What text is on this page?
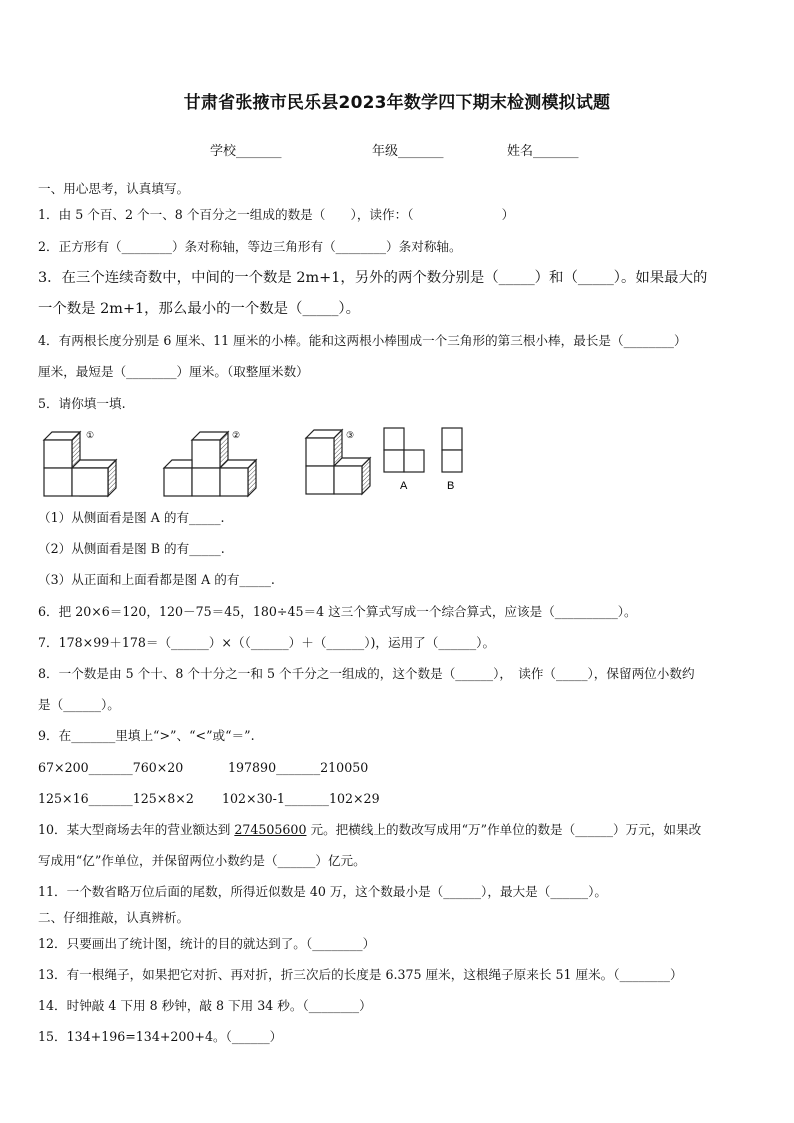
甘肃省张掖市民乐县2023年数学四下期末检测模拟试题
学校_______	年级_______	姓名_______
一、用心思考，认真填写。
1．由 5 个百、2 个一、8 个百分之一组成的数是（　　），读作：（　　　　　　　）
2．正方形有（________）条对称轴，等边三角形有（________）条对称轴。
3．在三个连续奇数中，中间的一个数是 2m+1，另外的两个数分别是（_____）和（_____）。如果最大的
一个数是 2m+1，那么最小的一个数是（_____）。
4．有两根长度分别是 6 厘米、11 厘米的小棒。能和这两根小棒围成一个三角形的第三根小棒，最长是（________）
厘米，最短是（________）厘米。（取整厘米数）
5．请你填一填.
①	②	③
A	B
（1）从侧面看是图 A 的有_____.
（2）从侧面看是图 B 的有_____.
（3）从正面和上面看都是图 A 的有_____.
6．把 20×6＝120，120－75＝45，180÷45＝4 这三个算式写成一个综合算式，应该是（__________）。
7．178×99＋178＝（______）×（（______）＋（______）)，运用了（______）。
8．一个数是由 5 个十、8 个十分之一和 5 个千分之一组成的，这个数是（______），　读作（_____），保留两位小数约
是（______）。
9．在_______里填上“>”、“<”或“＝”.
67×200_______760×20	197890_______210050
125×16_______125×8×2	102×30-1_______102×29
10．某大型商场去年的营业额达到 274505600 元。把横线上的数改写成用“万”作单位的数是（______）万元，如果改
写成用“亿”作单位，并保留两位小数约是（______）亿元。
11．一个数省略万位后面的尾数，所得近似数是 40 万，这个数最小是（______），最大是（______）。
二、仔细推敲，认真辨析。
12．只要画出了统计图，统计的目的就达到了。（________）
13．有一根绳子，如果把它对折、再对折，折三次后的长度是 6.375 厘米，这根绳子原来长 51 厘米。（________）
14．时钟敲 4 下用 8 秒钟，敲 8 下用 34 秒。（________）
15．134+196=134+200+4。（______）
